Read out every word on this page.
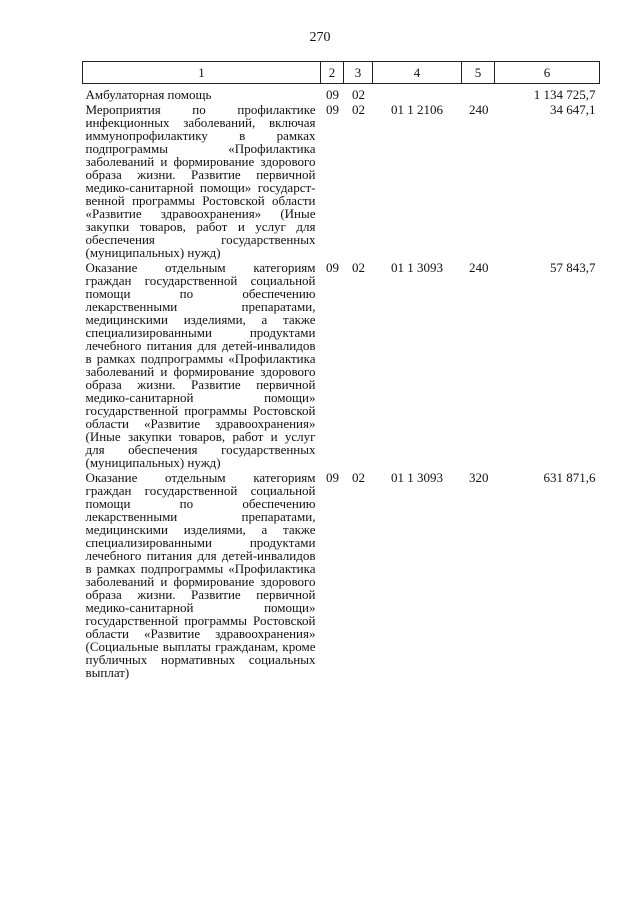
270
1	2	3	4	5	6
Амбулаторная помощь	09	02			1 134 725,7
Мероприятия по профилактике инфекционных заболеваний, включая иммунопрофилактику в рамках подпрограммы «Профилактика заболеваний и формирование здорового образа жизни. Развитие первичной медико-санитарной помощи» государственной программы Ростовской области «Развитие здравоохранения» (Иные закупки товаров, работ и услуг для обеспечения государственных (муниципальных) нужд)	09	02	01 1 2106	240	34 647,1
Оказание отдельным категориям граждан государственной социальной помощи по обеспечению лекарственными препаратами, медицинскими изделиями, а также специализированными продуктами лечебного питания для детей-инвалидов в рамках подпрограммы «Профилактика заболеваний и формирование здорового образа жизни. Развитие первичной медико-санитарной помощи» государственной программы Ростовской области «Развитие здравоохранения» (Иные закупки товаров, работ и услуг для обеспечения государственных (муниципальных) нужд)	09	02	01 1 3093	240	57 843,7
Оказание отдельным категориям граждан государственной социальной помощи по обеспечению лекарственными препаратами, медицинскими изделиями, а также специализированными продуктами лечебного питания для детей-инвалидов в рамках подпрограммы «Профилактика заболеваний и формирование здорового образа жизни. Развитие первичной медико-санитарной помощи» государственной программы Ростовской области «Развитие здравоохранения» (Социальные выплаты гражданам, кроме публичных нормативных социальных выплат)	09	02	01 1 3093	320	631 871,6
